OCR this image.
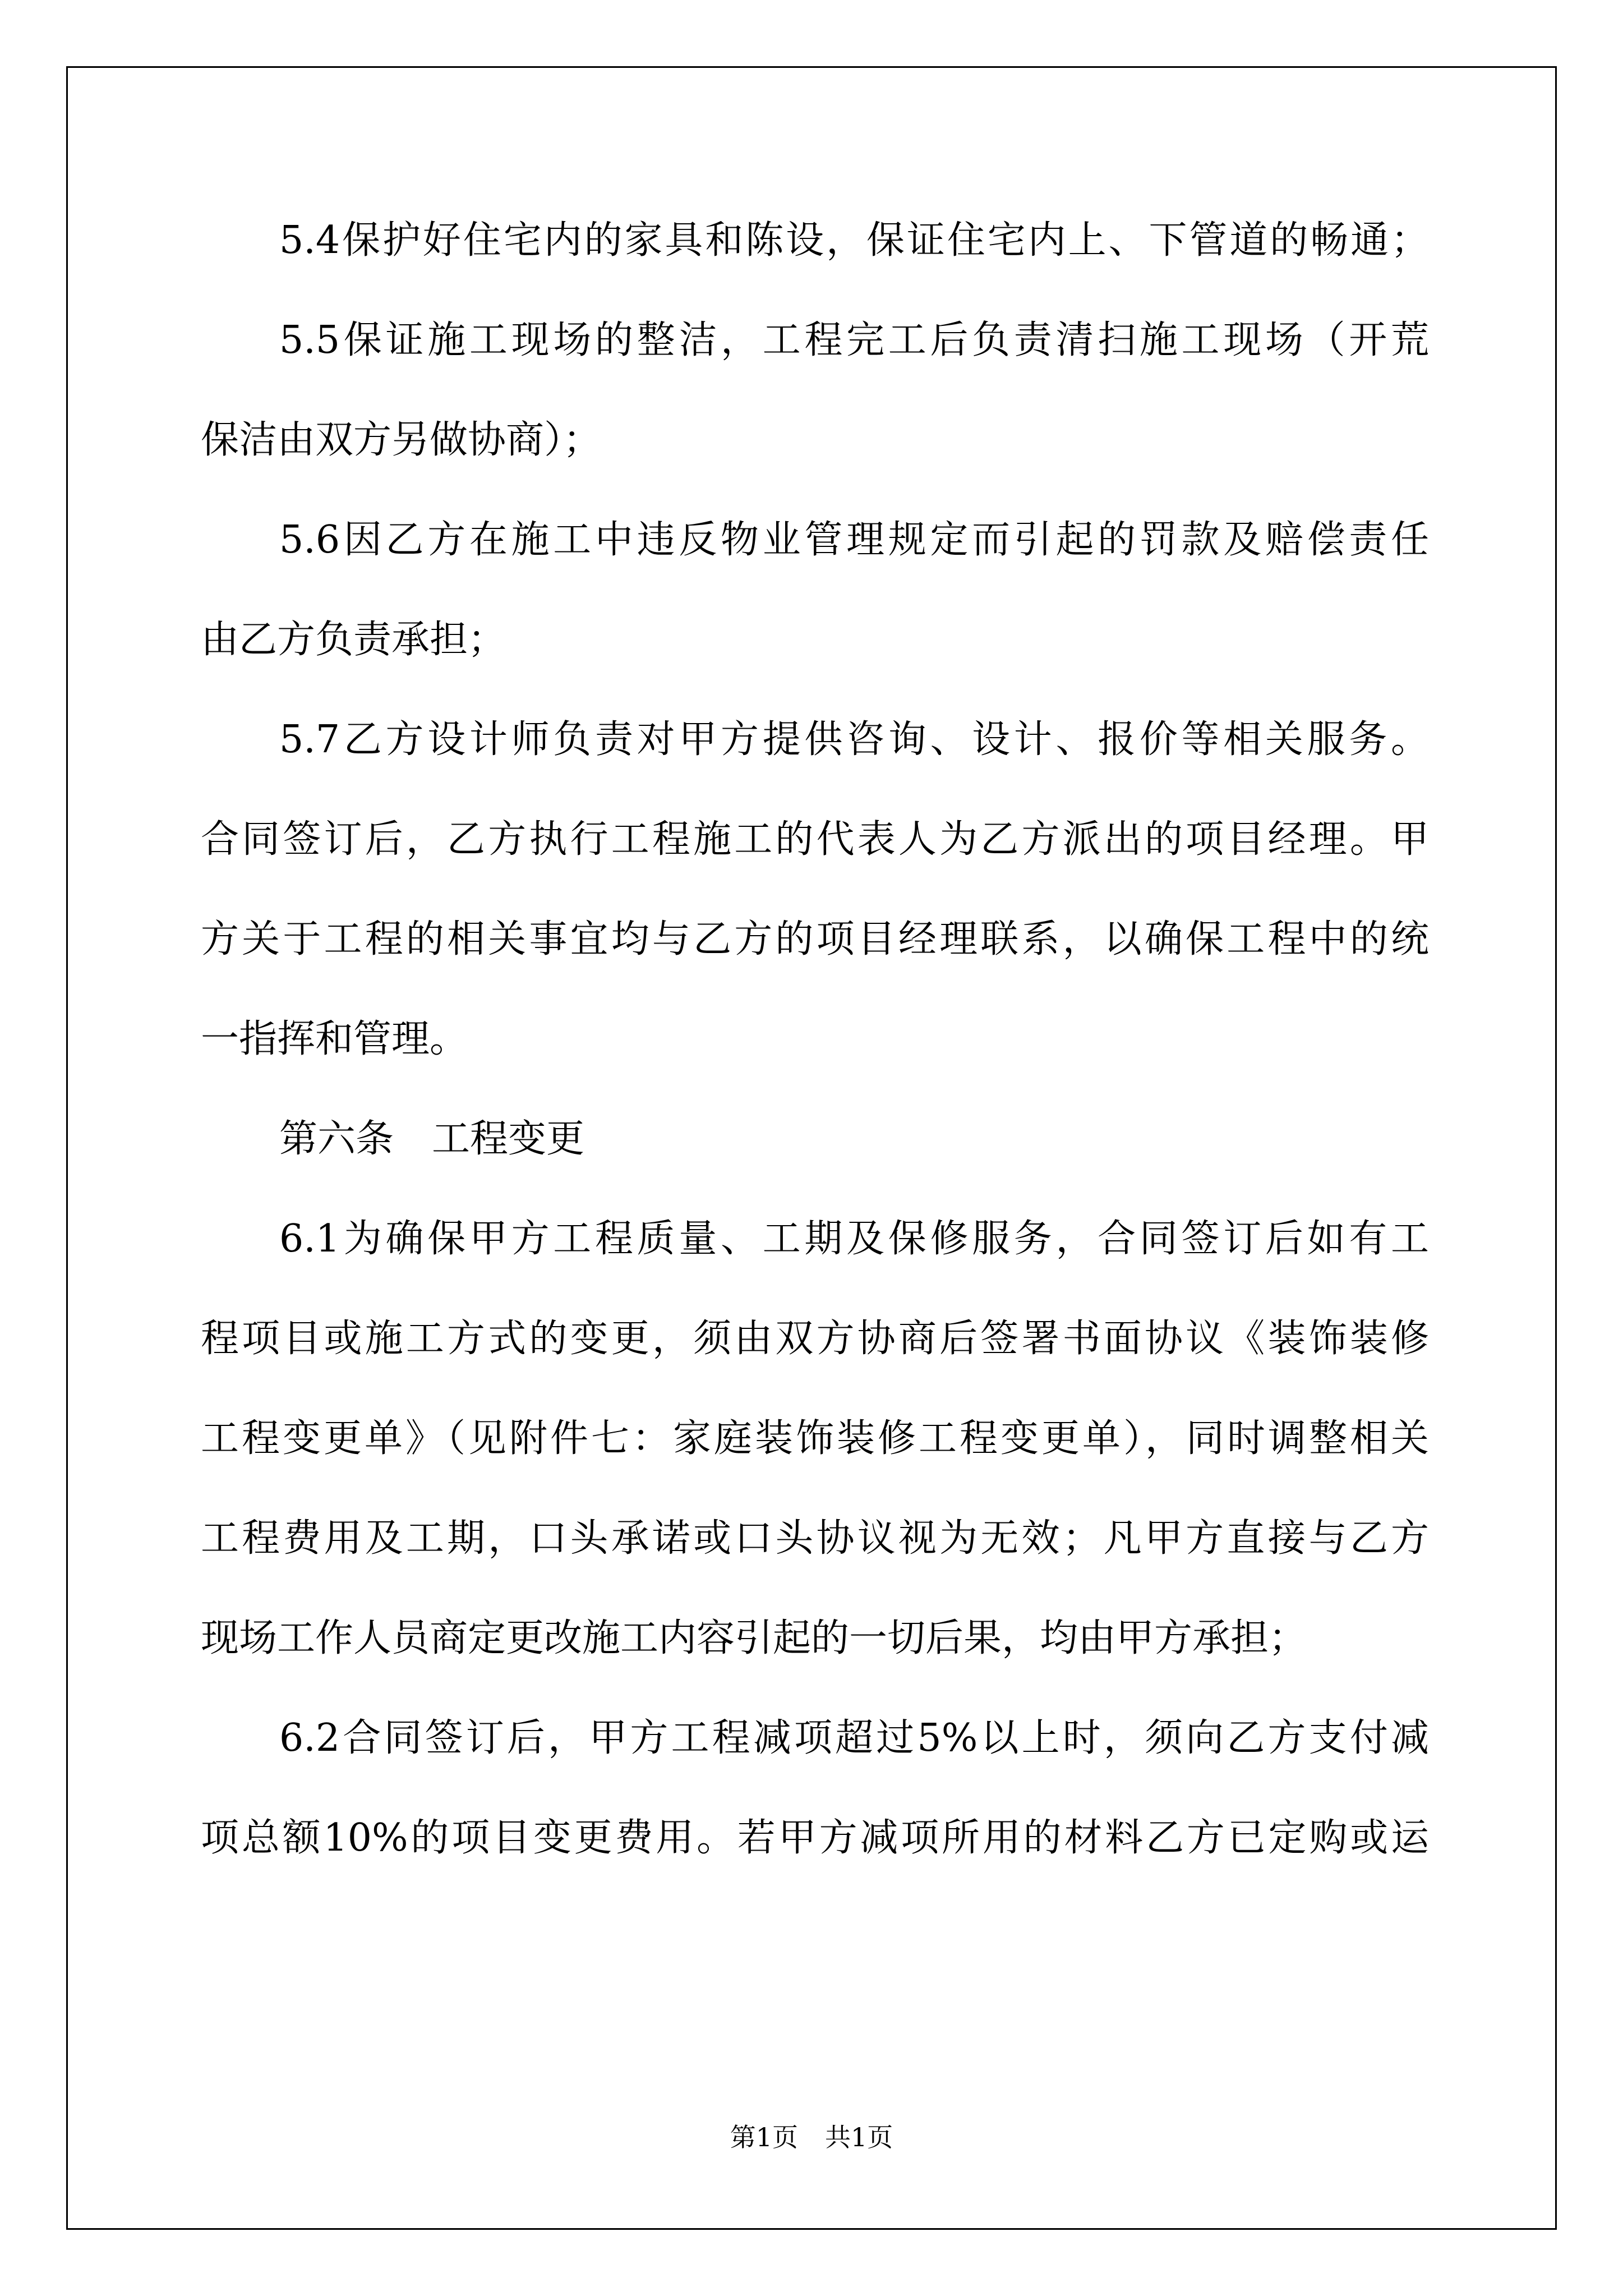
5.4保护好住宅内的家具和陈设，保证住宅内上、下管道的畅通；
5.5保证施工现场的整洁，工程完工后负责清扫施工现场（开荒
保洁由双方另做协商）；
5.6因乙方在施工中违反物业管理规定而引起的罚款及赔偿责任
由乙方负责承担；
5.7乙方设计师负责对甲方提供咨询、设计、报价等相关服务。
合同签订后，乙方执行工程施工的代表人为乙方派出的项目经理。甲
方关于工程的相关事宜均与乙方的项目经理联系，以确保工程中的统
一指挥和管理。
第六条　工程变更
6.1为确保甲方工程质量、工期及保修服务，合同签订后如有工
程项目或施工方式的变更，须由双方协商后签署书面协议《装饰装修
工程变更单》（见附件七：家庭装饰装修工程变更单），同时调整相关
工程费用及工期，口头承诺或口头协议视为无效；凡甲方直接与乙方
现场工作人员商定更改施工内容引起的一切后果，均由甲方承担；
6.2合同签订后，甲方工程减项超过5%以上时，须向乙方支付减
项总额10%的项目变更费用。若甲方减项所用的材料乙方已定购或运
第1页 共1页
